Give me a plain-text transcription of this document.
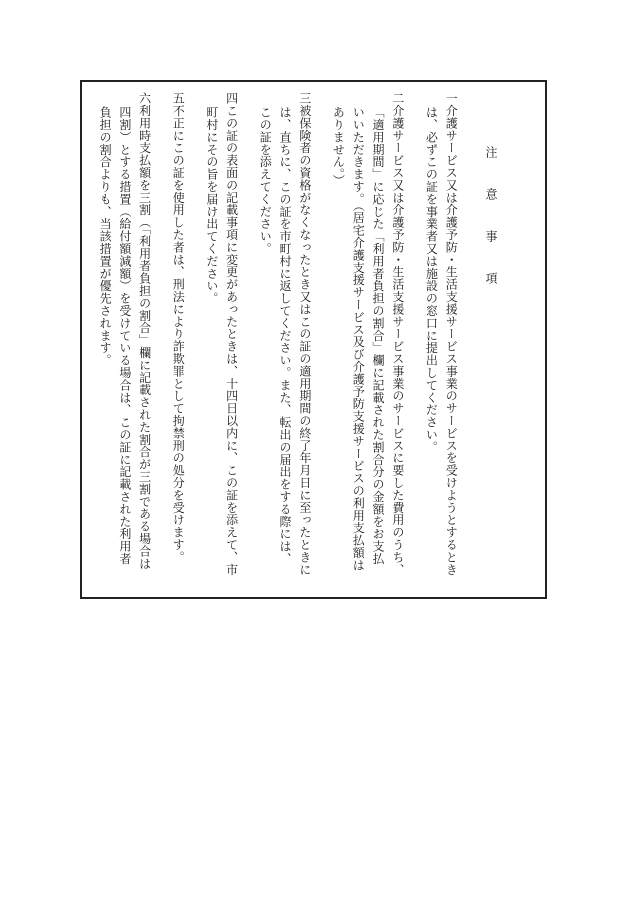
注 意 事 項
一介護サービス又は介護予防・生活支援サービス事業のサービスを受けようとするときは、必ずこの証を事業者又は施設の窓口に提出してください。
二介護サービス又は介護予防・生活支援サービス事業のサービスに要した費用のうち、「適用期間」に応じた「利用者負担の割合」欄に記載された割合分の金額をお支払いいただきます。（居宅介護支援サービス及び介護予防支援サービスの利用支払額はありません。）
三被保険者の資格がなくなったとき又はこの証の適用期間の終了年月日に至ったときには、直ちに、この証を市町村に返してください。また、転出の届出をする際には、この証を添えてください。
四この証の表面の記載事項に変更があったときは、十四日以内に、この証を添えて、市町村にその旨を届け出てください。
五不正にこの証を使用した者は、刑法により詐欺罪として拘禁刑の処分を受けます。
六利用時支払額を三割（「利用者負担の割合」欄に記載された割合が三割である場合は四割）とする措置（給付額減額）を受けている場合は、この証に記載された利用者負担の割合よりも、当該措置が優先されます。
